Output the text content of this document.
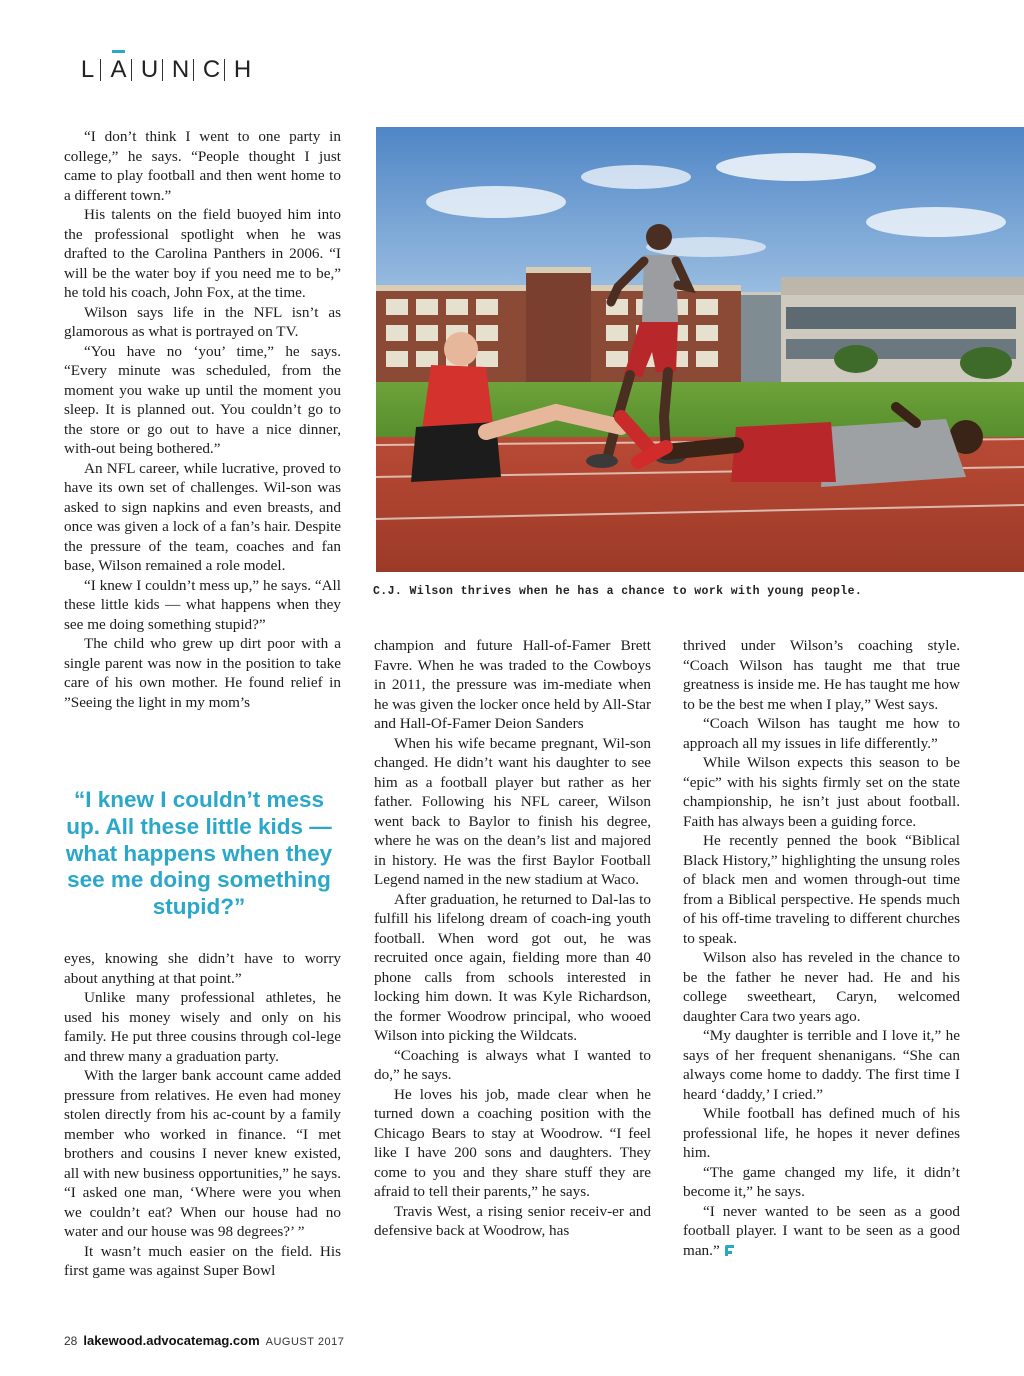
L A U N C H

“I don’t think I went to one party in college,” he says. “People thought I just came to play football and then went home to a different town.”

His talents on the field buoyed him into the professional spotlight when he was drafted to the Carolina Panthers in 2006. “I will be the water boy if you need me to be,” he told his coach, John Fox, at the time.

Wilson says life in the NFL isn’t as glamorous as what is portrayed on TV.

“You have no ‘you’ time,” he says. “Every minute was scheduled, from the moment you wake up until the moment you sleep. It is planned out. You couldn’t go to the store or go out to have a nice dinner, with-out being bothered.”

An NFL career, while lucrative, proved to have its own set of challenges. Wil-son was asked to sign napkins and even breasts, and once was given a lock of a fan’s hair. Despite the pressure of the team, coaches and fan base, Wilson remained a role model.

“I knew I couldn’t mess up,” he says. “All these little kids — what happens when they see me doing something stupid?”

The child who grew up dirt poor with a single parent was now in the position to take care of his own mother. He found relief in ”Seeing the light in my mom’s

“I knew I couldn’t mess up. All these little kids — what happens when they see me doing something stupid?”

eyes, knowing she didn’t have to worry about anything at that point.”

Unlike many professional athletes, he used his money wisely and only on his family. He put three cousins through col-lege and threw many a graduation party.

With the larger bank account came added pressure from relatives. He even had money stolen directly from his ac-count by a family member who worked in finance. “I met brothers and cousins I never knew existed, all with new business opportunities,” he says. “I asked one man, ‘Where were you when we couldn’t eat? When our house had no water and our house was 98 degrees?’ ”

It wasn’t much easier on the field. His first game was against Super Bowl

C.J. Wilson thrives when he has a chance to work with young people.

champion and future Hall-of-Famer Brett Favre. When he was traded to the Cowboys in 2011, the pressure was im-mediate when he was given the locker once held by All-Star and Hall-Of-Famer Deion Sanders

When his wife became pregnant, Wil-son changed. He didn’t want his daughter to see him as a football player but rather as her father. Following his NFL career, Wilson went back to Baylor to finish his degree, where he was on the dean’s list and majored in history. He was the first Baylor Football Legend named in the new stadium at Waco.

After graduation, he returned to Dal-las to fulfill his lifelong dream of coach-ing youth football. When word got out, he was recruited once again, fielding more than 40 phone calls from schools interested in locking him down. It was Kyle Richardson, the former Woodrow principal, who wooed Wilson into picking the Wildcats.

“Coaching is always what I wanted to do,” he says.

He loves his job, made clear when he turned down a coaching position with the Chicago Bears to stay at Woodrow. “I feel like I have 200 sons and daughters. They come to you and they share stuff they are afraid to tell their parents,” he says.

Travis West, a rising senior receiv-er and defensive back at Woodrow, has

thrived under Wilson’s coaching style. “Coach Wilson has taught me that true greatness is inside me. He has taught me how to be the best me when I play,” West says.

“Coach Wilson has taught me how to approach all my issues in life differently.”

While Wilson expects this season to be “epic” with his sights firmly set on the state championship, he isn’t just about football. Faith has always been a guiding force.

He recently penned the book “Biblical Black History,” highlighting the unsung roles of black men and women through-out time from a Biblical perspective. He spends much of his off-time traveling to different churches to speak.

Wilson also has reveled in the chance to be the father he never had. He and his college sweetheart, Caryn, welcomed daughter Cara two years ago.

“My daughter is terrible and I love it,” he says of her frequent shenanigans. “She can always come home to daddy. The first time I heard ‘daddy,’ I cried.”

While football has defined much of his professional life, he hopes it never defines him.

“The game changed my life, it didn’t become it,” he says.

“I never wanted to be seen as a good football player. I want to be seen as a good man.”

28 lakewood.advocatemag.com AUGUST 2017
